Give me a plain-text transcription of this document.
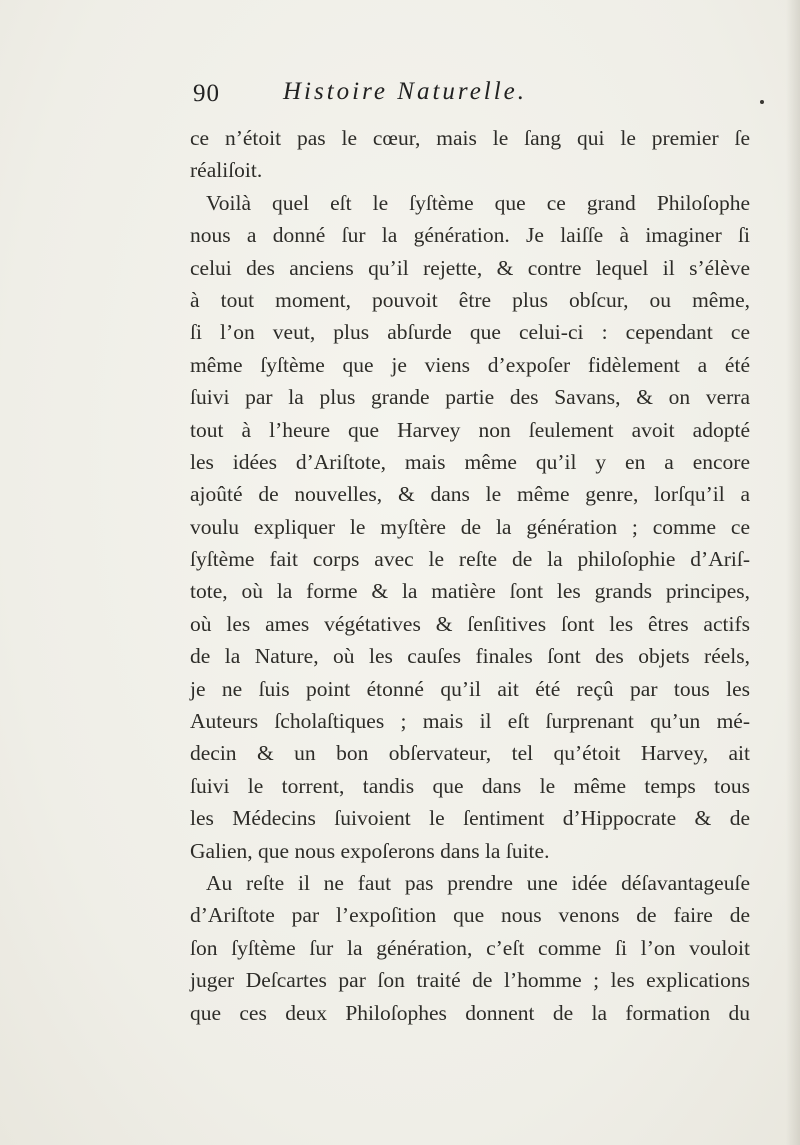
90	Histoire Naturelle.
ce n’étoit pas le cœur, mais le ſang qui le premier ſe
réaliſoit.
Voilà quel eſt le ſyſtème que ce grand Philoſophe
nous a donné ſur la génération. Je laiſſe à imaginer ſi
celui des anciens qu’il rejette, & contre lequel il s’élève
à tout moment, pouvoit être plus obſcur, ou même,
ſi l’on veut, plus abſurde que celui-ci : cependant ce
même ſyſtème que je viens d’expoſer fidèlement a été
ſuivi par la plus grande partie des Savans, & on verra
tout à l’heure que Harvey non ſeulement avoit adopté
les idées d’Ariſtote, mais même qu’il y en a encore
ajoûté de nouvelles, & dans le même genre, lorſqu’il a
voulu expliquer le myſtère de la génération ; comme ce
ſyſtème fait corps avec le reſte de la philoſophie d’Ariſ-
tote, où la forme & la matière ſont les grands principes,
où les ames végétatives & ſenſitives ſont les êtres actifs
de la Nature, où les cauſes finales ſont des objets réels,
je ne ſuis point étonné qu’il ait été reçû par tous les
Auteurs ſcholaſtiques ; mais il eſt ſurprenant qu’un mé-
decin & un bon obſervateur, tel qu’étoit Harvey, ait
ſuivi le torrent, tandis que dans le même temps tous
les Médecins ſuivoient le ſentiment d’Hippocrate & de
Galien, que nous expoſerons dans la ſuite.
Au reſte il ne faut pas prendre une idée déſavantageuſe
d’Ariſtote par l’expoſition que nous venons de faire de
ſon ſyſtème ſur la génération, c’eſt comme ſi l’on vouloit
juger Deſcartes par ſon traité de l’homme ; les explications
que ces deux Philoſophes donnent de la formation du
